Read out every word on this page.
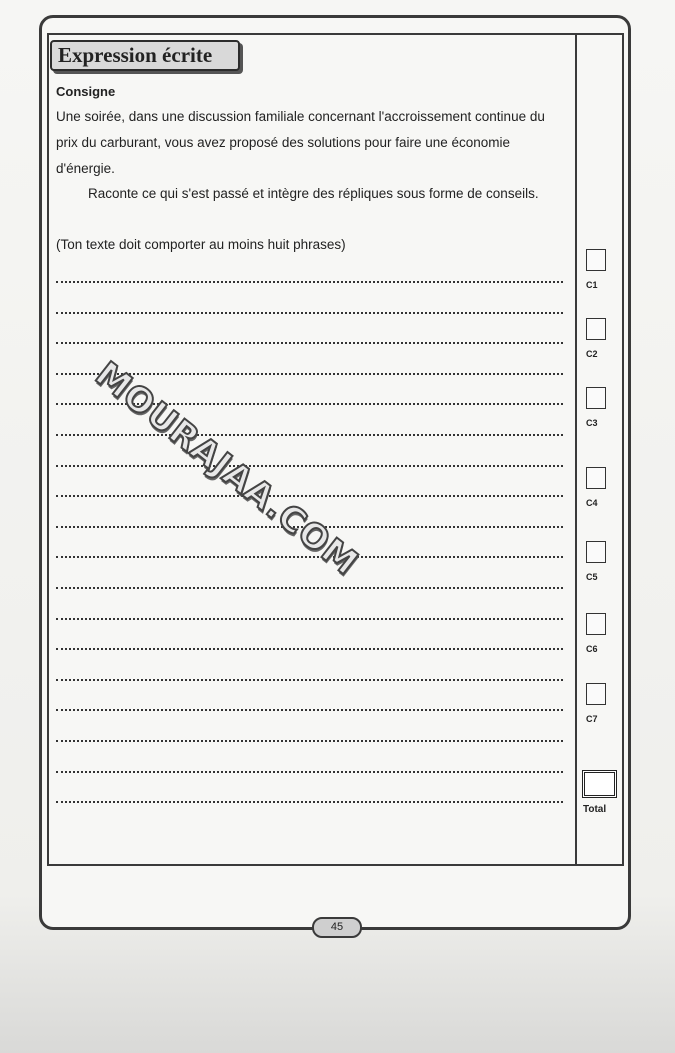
Expression écrite
Consigne
Une soirée, dans une discussion familiale concernant l'accroissement continue du prix du carburant, vous avez proposé des solutions pour faire une économie d'énergie.
Raconte ce qui s'est passé et intègre des répliques sous forme de conseils.
(Ton texte doit comporter au moins huit phrases)
C1
C2
C3
C4
C5
C6
C7
Total
MOURAJAA.COM
45
